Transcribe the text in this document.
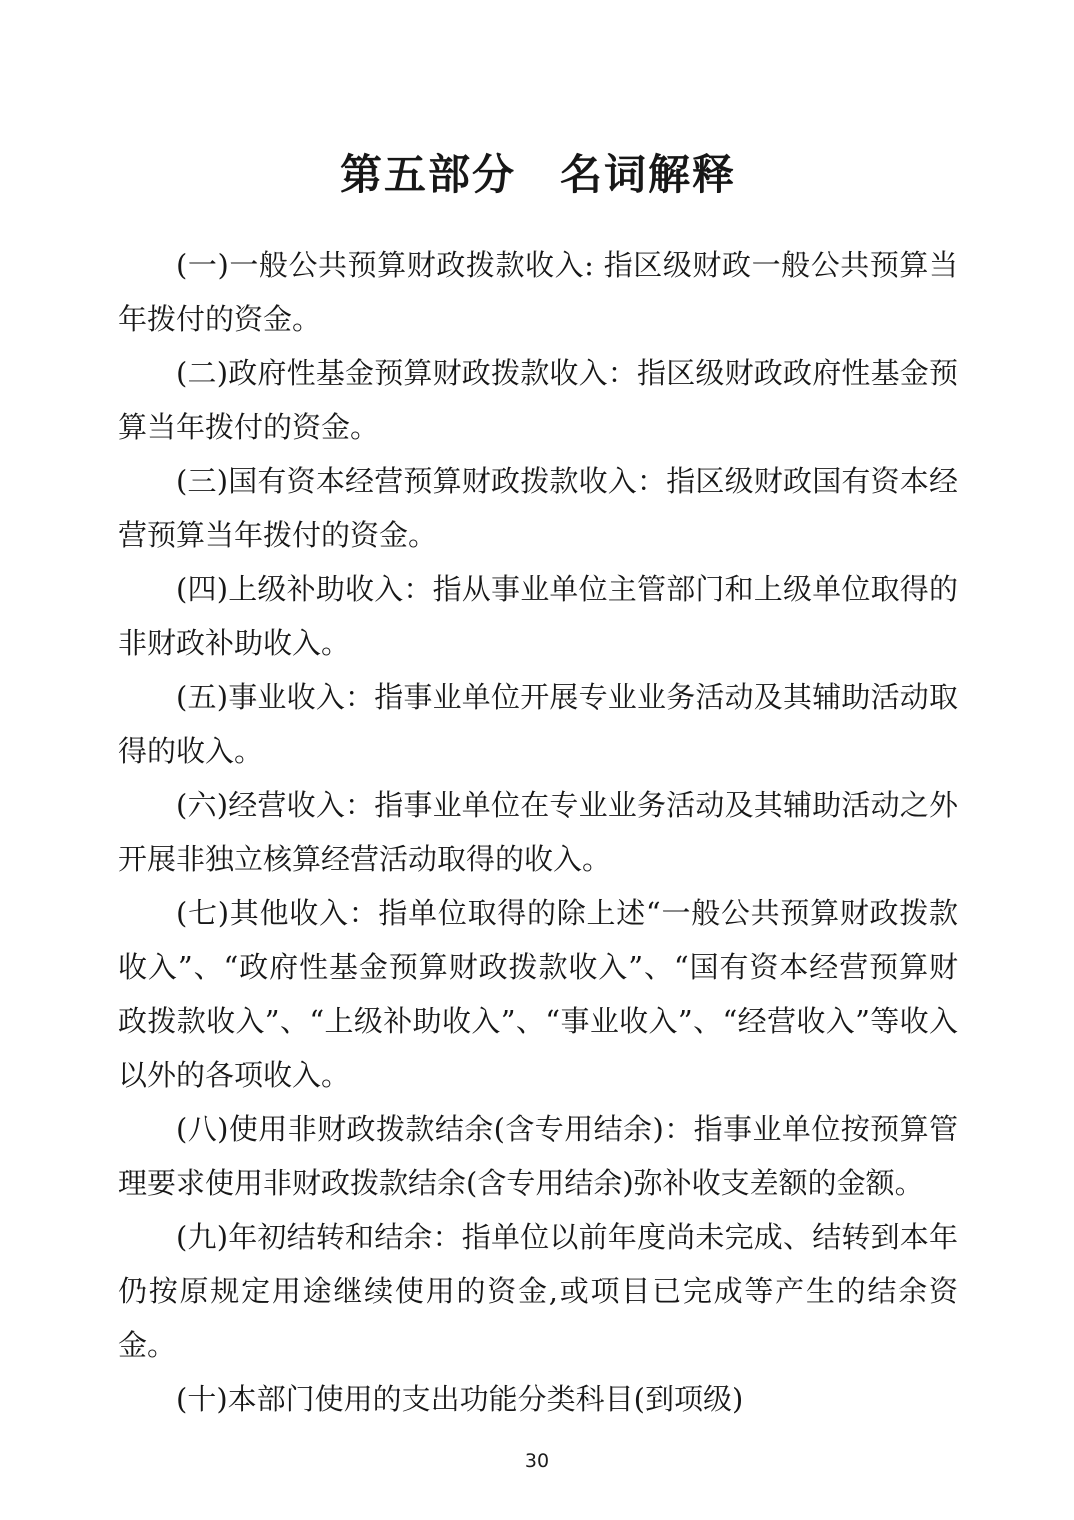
第五部分　名词解释

(一)一般公共预算财政拨款收入: 指区级财政一般公共预算当年拨付的资金。

(二)政府性基金预算财政拨款收入：指区级财政政府性基金预算当年拨付的资金。

(三)国有资本经营预算财政拨款收入：指区级财政国有资本经营预算当年拨付的资金。

(四)上级补助收入：指从事业单位主管部门和上级单位取得的非财政补助收入。

(五)事业收入：指事业单位开展专业业务活动及其辅助活动取得的收入。

(六)经营收入：指事业单位在专业业务活动及其辅助活动之外开展非独立核算经营活动取得的收入。

(七)其他收入：指单位取得的除上述“一般公共预算财政拨款收入”、“政府性基金预算财政拨款收入”、“国有资本经营预算财政拨款收入”、“上级补助收入”、“事业收入”、“经营收入”等收入以外的各项收入。

(八)使用非财政拨款结余(含专用结余)：指事业单位按预算管理要求使用非财政拨款结余(含专用结余)弥补收支差额的金额。

(九)年初结转和结余：指单位以前年度尚未完成、结转到本年仍按原规定用途继续使用的资金,或项目已完成等产生的结余资金。

(十)本部门使用的支出功能分类科目(到项级)

30
